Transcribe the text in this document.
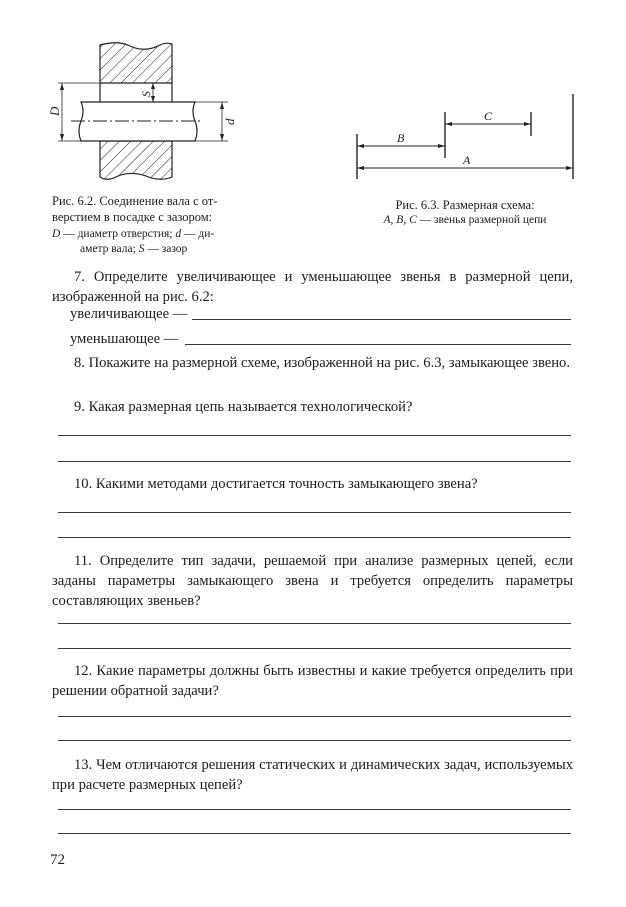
D
d
S
Рис. 6.2. Соединение вала с от-
верстием в посадке с зазором:
D — диаметр отверстия; d — ди-
аметр вала; S — зазор
C
B
A
Рис. 6.3. Размерная схема:
A, B, C — звенья размерной цепи
7. Определите увеличивающее и уменьшающее звенья в размерной цепи, изображенной на рис. 6.2:
увеличивающее —
уменьшающее —
8. Покажите на размерной схеме, изображенной на рис. 6.3, замыкающее звено.
9. Какая размерная цепь называется технологической?
10. Какими методами достигается точность замыкающего звена?
11. Определите тип задачи, решаемой при анализе размерных цепей, если заданы параметры замыкающего звена и требуется определить параметры составляющих звеньев?
12. Какие параметры должны быть известны и какие требуется определить при решении обратной задачи?
13. Чем отличаются решения статических и динамических задач, используемых при расчете размерных цепей?
72
